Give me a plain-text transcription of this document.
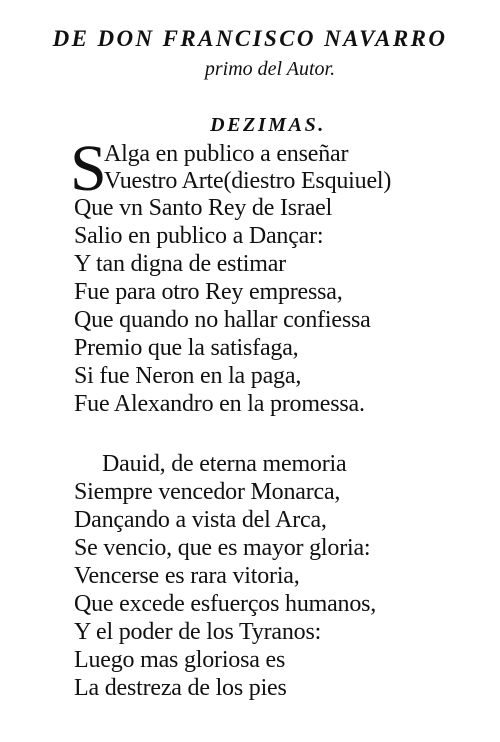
DE DON FRANCISCO NAVARRO
primo del Autor.
DEZIMAS.
S
Alga en publico a enseñar
Vuestro Arte(diestro Esquiuel)
Que vn Santo Rey de Israel
Salio en publico a Dançar:
Y tan digna de estimar
Fue para otro Rey empressa,
Que quando no hallar confiessa
Premio que la satisfaga,
Si fue Neron en la paga,
Fue Alexandro en la promessa.
Dauid, de eterna memoria
Siempre vencedor Monarca,
Dançando a vista del Arca,
Se vencio, que es mayor gloria:
Vencerse es rara vitoria,
Que excede esfuerços humanos,
Y el poder de los Tyranos:
Luego mas gloriosa es
La destreza de los pies
